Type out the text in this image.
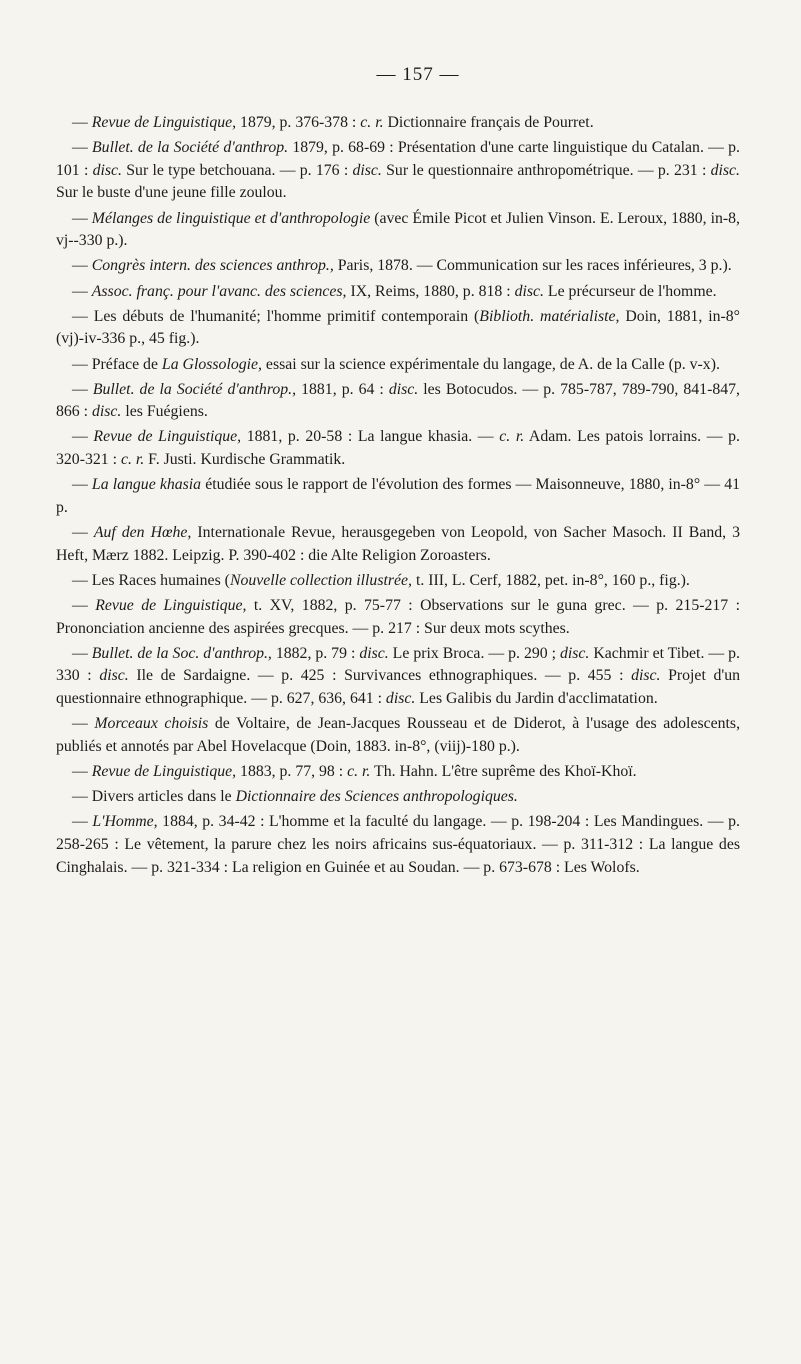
— 157 —

— Revue de Linguistique, 1879, p. 376-378 : c. r. Dictionnaire français de Pourret.

— Bullet. de la Société d'anthrop. 1879, p. 68-69 : Présentation d'une carte linguistique du Catalan. — p. 101 : disc. Sur le type betchouana. — p. 176 : disc. Sur le questionnaire anthropométrique. — p. 231 : disc. Sur le buste d'une jeune fille zoulou.

— Mélanges de linguistique et d'anthropologie (avec Émile Picot et Julien Vinson. E. Leroux, 1880, in-8, vj--330 p.).

— Congrès intern. des sciences anthrop., Paris, 1878. — Communication sur les races inférieures, 3 p.).

— Assoc. franç. pour l'avanc. des sciences, IX, Reims, 1880, p. 818 : disc. Le précurseur de l'homme.

— Les débuts de l'humanité; l'homme primitif contemporain (Biblioth. matérialiste, Doin, 1881, in-8° (vj)-iv-336 p., 45 fig.).

— Préface de La Glossologie, essai sur la science expérimentale du langage, de A. de la Calle (p. v-x).

— Bullet. de la Société d'anthrop., 1881, p. 64 : disc. les Botocudos. — p. 785-787, 789-790, 841-847, 866 : disc. les Fuégiens.

— Revue de Linguistique, 1881, p. 20-58 : La langue khasia. — c. r. Adam. Les patois lorrains. — p. 320-321 : c. r. F. Justi. Kurdische Grammatik.

— La langue khasia étudiée sous le rapport de l'évolution des formes — Maisonneuve, 1880, in-8° — 41 p.

— Auf den Hœhe, Internationale Revue, herausgegeben von Leopold, von Sacher Masoch. II Band, 3 Heft, Mærz 1882. Leipzig. P. 390-402 : die Alte Religion Zoroasters.

— Les Races humaines (Nouvelle collection illustrée, t. III, L. Cerf, 1882, pet. in-8°, 160 p., fig.).

— Revue de Linguistique, t. XV, 1882, p. 75-77 : Observations sur le guna grec. — p. 215-217 : Prononciation ancienne des aspirées grecques. — p. 217 : Sur deux mots scythes.

— Bullet. de la Soc. d'anthrop., 1882, p. 79 : disc. Le prix Broca. — p. 290 ; disc. Kachmir et Tibet. — p. 330 : disc. Ile de Sardaigne. — p. 425 : Survivances ethnographiques. — p. 455 : disc. Projet d'un questionnaire ethnographique. — p. 627, 636, 641 : disc. Les Galibis du Jardin d'acclimatation.

— Morceaux choisis de Voltaire, de Jean-Jacques Rousseau et de Diderot, à l'usage des adolescents, publiés et annotés par Abel Hovelacque (Doin, 1883. in-8°, (viij)-180 p.).

— Revue de Linguistique, 1883, p. 77, 98 : c. r. Th. Hahn. L'être suprême des Khoï-Khoï.

— Divers articles dans le Dictionnaire des Sciences anthropologiques.

— L'Homme, 1884, p. 34-42 : L'homme et la faculté du langage. — p. 198-204 : Les Mandingues. — p. 258-265 : Le vêtement, la parure chez les noirs africains sus-équatoriaux. — p. 311-312 : La langue des Cinghalais. — p. 321-334 : La religion en Guinée et au Soudan. — p. 673-678 : Les Wolofs.
